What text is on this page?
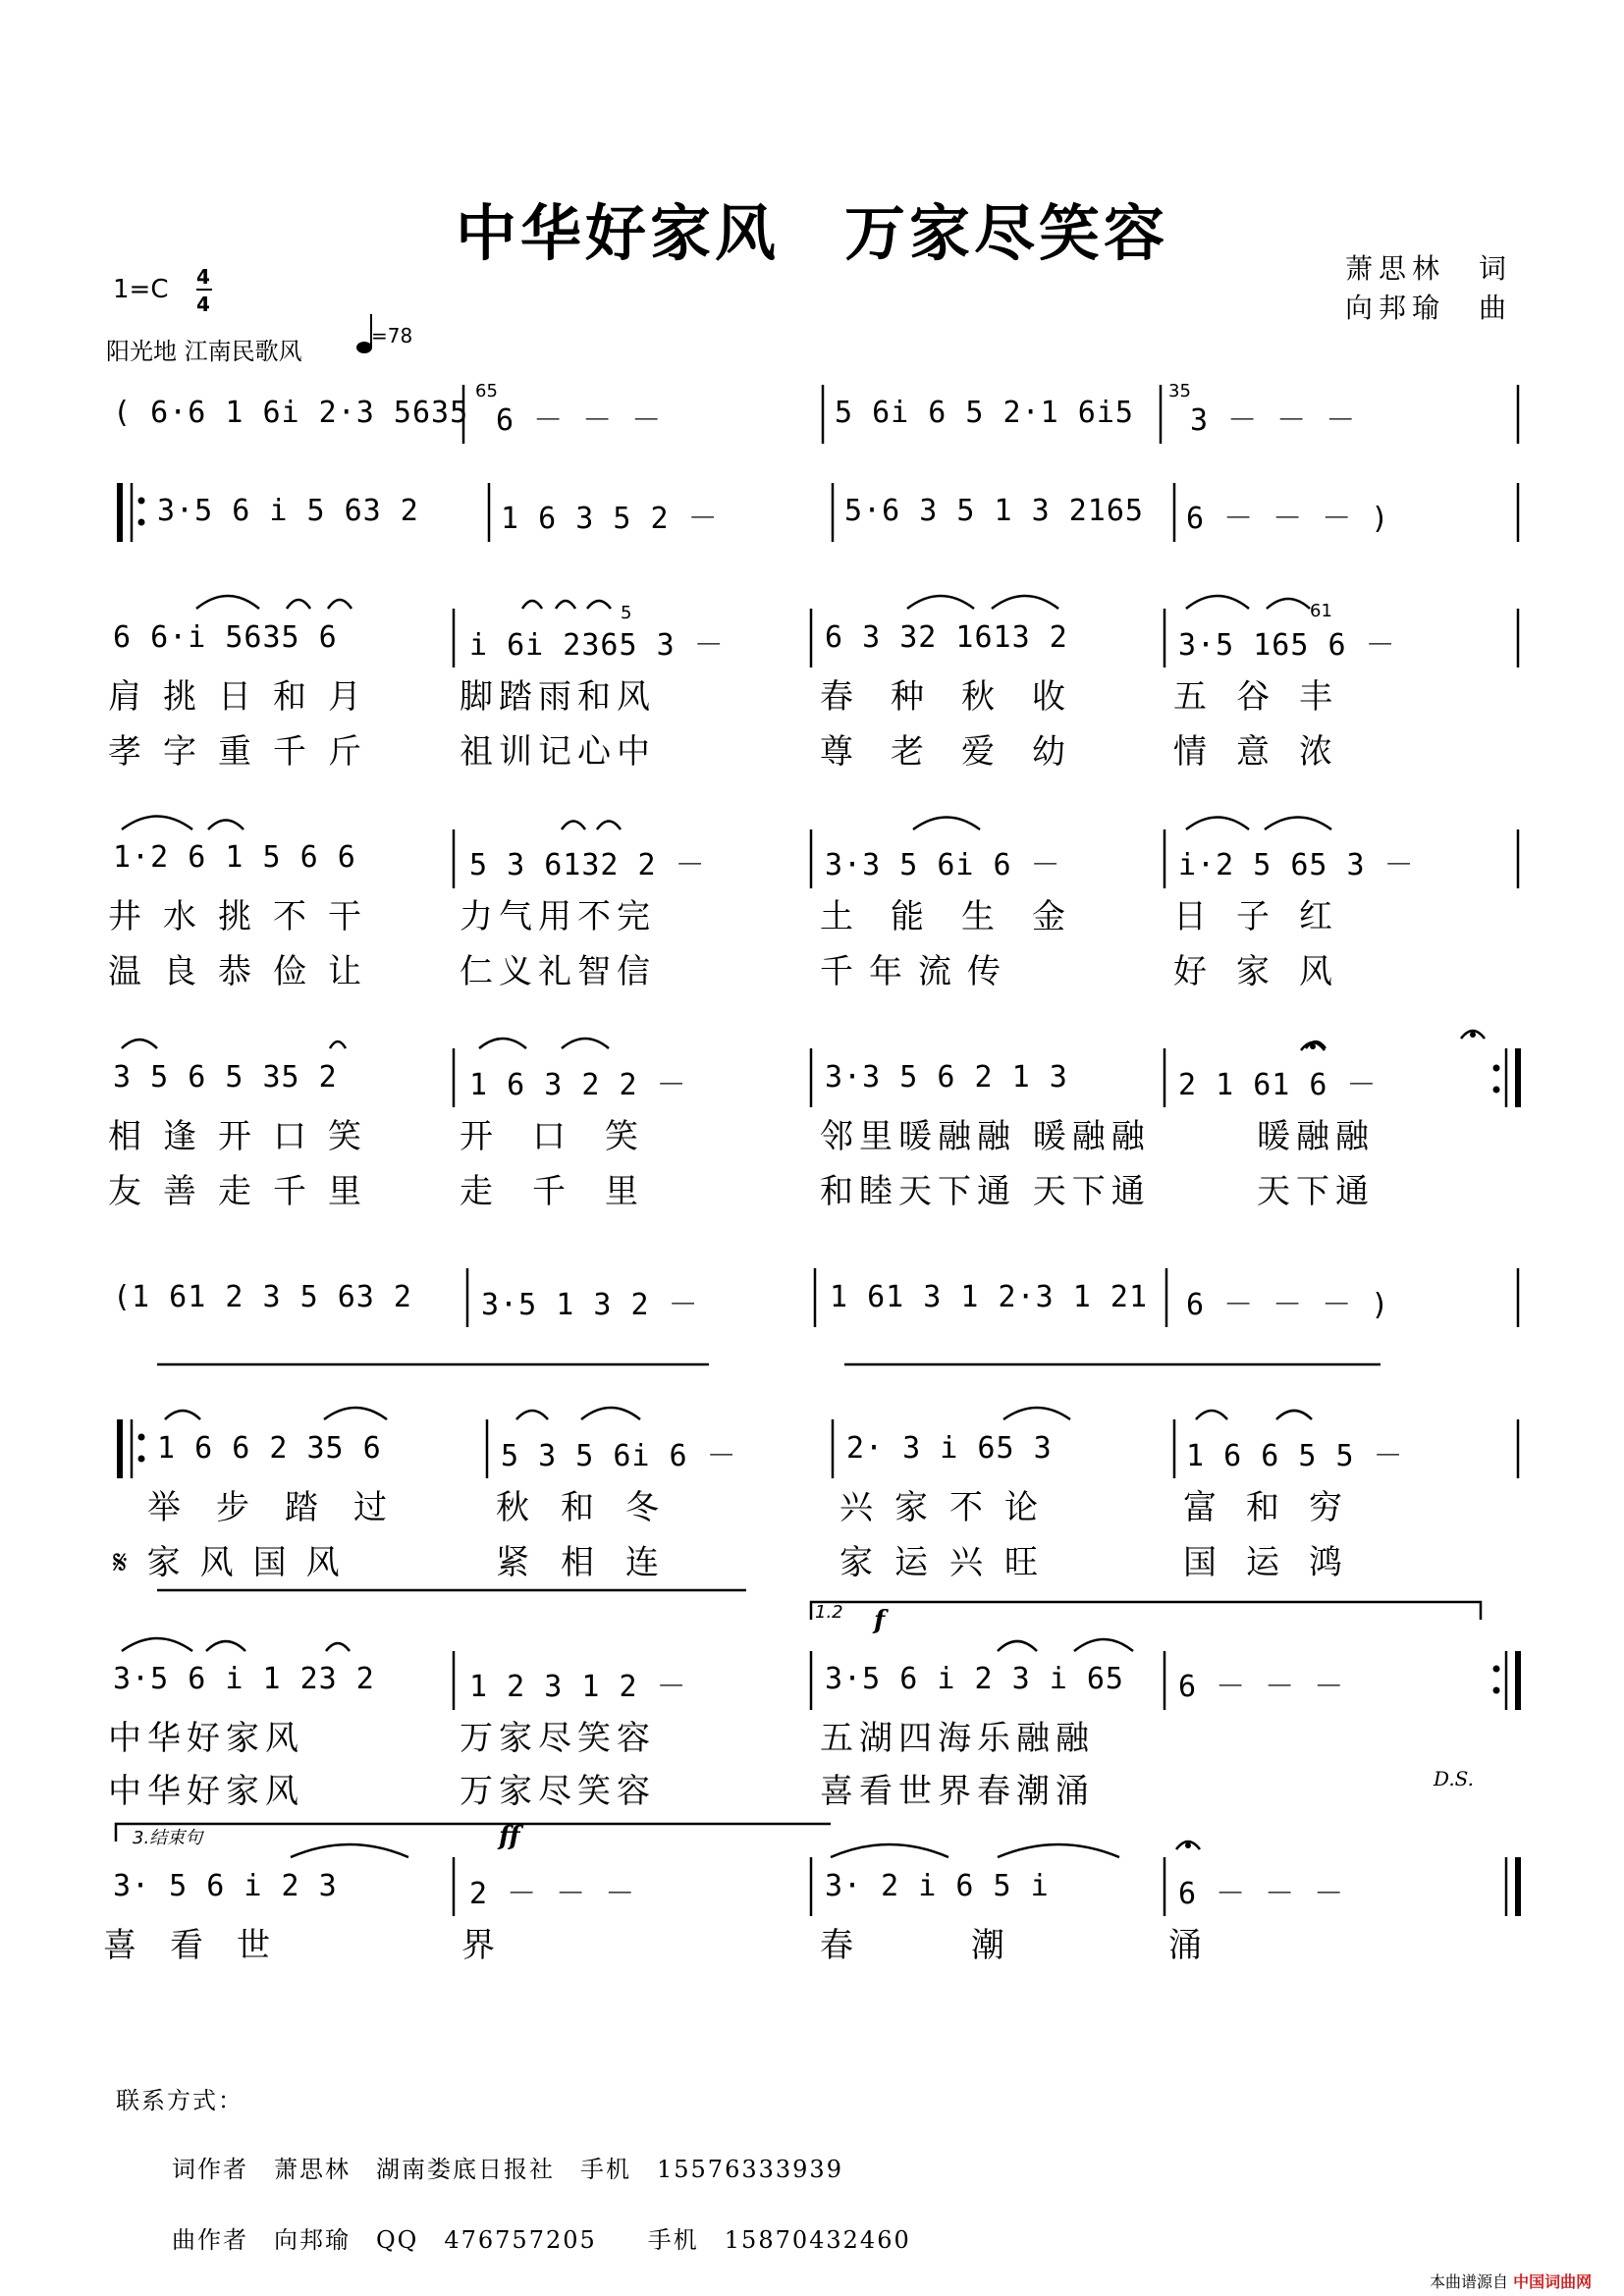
中华好家风　万家尽笑容	萧思林　词
向邦瑜　曲
1=C 4
4
阳光地 江南民歌风
=78
( 6·6 1 6i 2·3 5635
65
6 － － －	5 6i 6 5 2·1 6i5
35
3 － － －
3·5 6 i 5 63 2	1 6 3 5 2 －	5·6 3 5 1 3 2165 6 － － － )
6 6·i 5635 6	i 6i 2365 3 －
5
6 3 32 1613 2	3·5 165 6 －
61
肩挑日和月 脚踏雨和风	春种秋收 五谷丰
孝字重千斤 祖训记心中	尊老爱幼 情意浓
1·2 6 1 5 6 6	5 3 6132 2 －	3·3 5 6i 6 －	i·2 5 65 3 －
井水挑不干 力气用不完	土能生金 日子红
温良恭俭让 仁义礼智信	千年流传	好家风
3 5 6 5 35 2	1 6 3 2 2 －	3·3 5 6 2 1 3	2 1 61 6 －
相逢开口笑 开口笑	邻里暖融融 暖融融	暖融融
友善走千里 走千里	和睦天下通 天下通	天下通
(1 61 2 3 5 63 2 3·5 1 3 2 －	1 61 3 1 2·3 1 21 6 － － － )
1 6 6 2 35 6	5 3 5 6i 6 －	2· 3 i 65 3	1 6 6 5 5 －
举步踏过 秋和冬	兴家不论	富和穷
𝄋家风国风	紧相连	家运兴旺	国运鸿
1.2 f
3·5 6 i 1 23 2	1 2 3 1 2 －	3·5 6 i 2 3 i 65 6 － － －
中华好家风	万家尽笑容	五湖四海乐融融
中华好家风	万家尽笑容	喜看世界春潮涌	D.S.
3.结束句	ff
3· 5 6 i 2 3	2 － － －	3· 2 i 6 5 i	6 － － －
喜看世	界	春潮 涌
联系方式：
词作者　萧思林　湖南娄底日报社　手机　15576333939
曲作者　向邦瑜　QQ　476757205　　手机　15870432460
本曲谱源自 中国词曲网
